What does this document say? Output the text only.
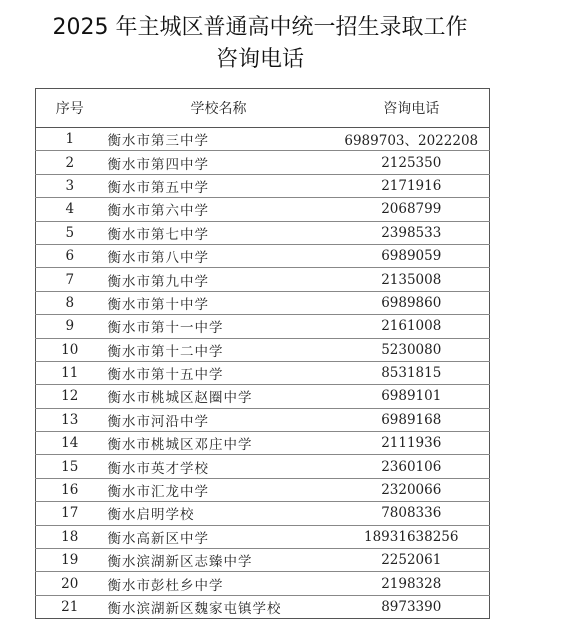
2025 年主城区普通高中统一招生录取工作
咨询电话
序号	学校名称	咨询电话
1	衡水市第三中学	6989703、2022208
2	衡水市第四中学	2125350
3	衡水市第五中学	2171916
4	衡水市第六中学	2068799
5	衡水市第七中学	2398533
6	衡水市第八中学	6989059
7	衡水市第九中学	2135008
8	衡水市第十中学	6989860
9	衡水市第十一中学	2161008
10	衡水市第十二中学	5230080
11	衡水市第十五中学	8531815
12	衡水市桃城区赵圈中学	6989101
13	衡水市河沿中学	6989168
14	衡水市桃城区邓庄中学	2111936
15	衡水市英才学校	2360106
16	衡水市汇龙中学	2320066
17	衡水启明学校	7808336
18	衡水高新区中学	18931638256
19	衡水滨湖新区志臻中学	2252061
20	衡水市彭杜乡中学	2198328
21	衡水滨湖新区魏家屯镇学校	8973390
